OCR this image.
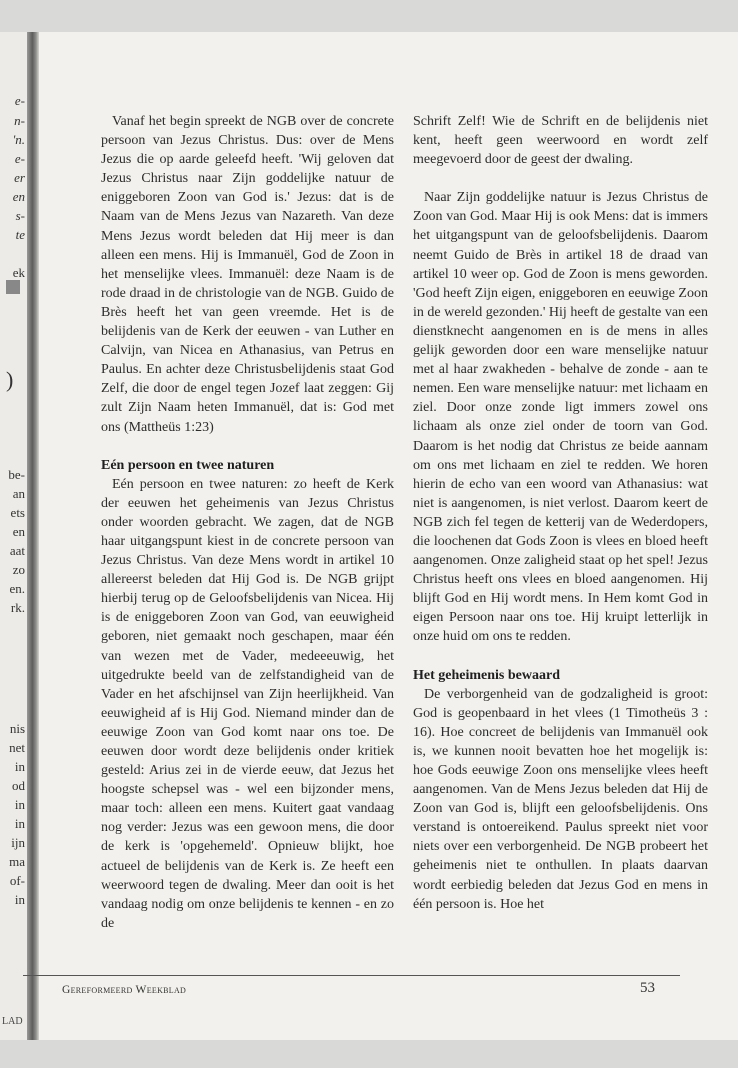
e-
n-
'n.
e-
er
en
s-
te
ek
)
be-
an
ets
en
aat
zo
en.
rk.
nis
net
in
od
in
in
ijn
ma
of-
in
LAD

Vanaf het begin spreekt de NGB over de concrete persoon van Jezus Christus. Dus: over de Mens Jezus die op aarde geleefd heeft. 'Wij geloven dat Jezus Christus naar Zijn goddelijke natuur de eniggeboren Zoon van God is.' Jezus: dat is de Naam van de Mens Jezus van Nazareth. Van deze Mens Jezus wordt beleden dat Hij meer is dan alleen een mens. Hij is Immanuël, God de Zoon in het menselijke vlees. Immanuël: deze Naam is de rode draad in de christologie van de NGB. Guido de Brès heeft het van geen vreemde. Het is de belijdenis van de Kerk der eeuwen - van Luther en Calvijn, van Nicea en Athanasius, van Petrus en Paulus. En achter deze Christusbelijdenis staat God Zelf, die door de engel tegen Jozef laat zeggen: Gij zult Zijn Naam heten Immanuël, dat is: God met ons (Mattheüs 1:23)

Eén persoon en twee naturen

Eén persoon en twee naturen: zo heeft de Kerk der eeuwen het geheimenis van Jezus Christus onder woorden gebracht. We zagen, dat de NGB haar uitgangspunt kiest in de concrete persoon van Jezus Christus. Van deze Mens wordt in artikel 10 allereerst beleden dat Hij God is. De NGB grijpt hierbij terug op de Geloofsbelijdenis van Nicea. Hij is de eniggeboren Zoon van God, van eeuwigheid geboren, niet gemaakt noch geschapen, maar één van wezen met de Vader, medeeeuwig, het uitgedrukte beeld van de zelfstandigheid van de Vader en het afschijnsel van Zijn heerlijkheid. Van eeuwigheid af is Hij God. Niemand minder dan de eeuwige Zoon van God komt naar ons toe. De eeuwen door wordt deze belijdenis onder kritiek gesteld: Arius zei in de vierde eeuw, dat Jezus het hoogste schepsel was - wel een bijzonder mens, maar toch: alleen een mens. Kuitert gaat vandaag nog verder: Jezus was een gewoon mens, die door de kerk is 'opgehemeld'. Opnieuw blijkt, hoe actueel de belijdenis van de Kerk is. Ze heeft een weerwoord tegen de dwaling. Meer dan ooit is het vandaag nodig om onze belijdenis te kennen - en zo de

Schrift Zelf! Wie de Schrift en de belijdenis niet kent, heeft geen weerwoord en wordt zelf meegevoerd door de geest der dwaling.

Naar Zijn goddelijke natuur is Jezus Christus de Zoon van God. Maar Hij is ook Mens: dat is immers het uitgangspunt van de geloofsbelijdenis. Daarom neemt Guido de Brès in artikel 18 de draad van artikel 10 weer op. God de Zoon is mens geworden. 'God heeft Zijn eigen, eniggeboren en eeuwige Zoon in de wereld gezonden.' Hij heeft de gestalte van een dienstknecht aangenomen en is de mens in alles gelijk geworden door een ware menselijke natuur met al haar zwakheden - behalve de zonde - aan te nemen. Een ware menselijke natuur: met lichaam en ziel. Door onze zonde ligt immers zowel ons lichaam als onze ziel onder de toorn van God. Daarom is het nodig dat Christus ze beide aannam om ons met lichaam en ziel te redden. We horen hierin de echo van een woord van Athanasius: wat niet is aangenomen, is niet verlost. Daarom keert de NGB zich fel tegen de ketterij van de Wederdopers, die loochenen dat Gods Zoon is vlees en bloed heeft aangenomen. Onze zaligheid staat op het spel! Jezus Christus heeft ons vlees en bloed aangenomen. Hij blijft God en Hij wordt mens. In Hem komt God in eigen Persoon naar ons toe. Hij kruipt letterlijk in onze huid om ons te redden.

Het geheimenis bewaard

De verborgenheid van de godzaligheid is groot: God is geopenbaard in het vlees (1 Timotheüs 3 : 16). Hoe concreet de belijdenis van Immanuël ook is, we kunnen nooit bevatten hoe het mogelijk is: hoe Gods eeuwige Zoon ons menselijke vlees heeft aangenomen. Van de Mens Jezus beleden dat Hij de Zoon van God is, blijft een geloofsbelijdenis. Ons verstand is ontoereikend. Paulus spreekt niet voor niets over een verborgenheid. De NGB probeert het geheimenis niet te onthullen. In plaats daarvan wordt eerbiedig beleden dat Jezus God en mens in één persoon is. Hoe het

Gereformeerd Weekblad	53
